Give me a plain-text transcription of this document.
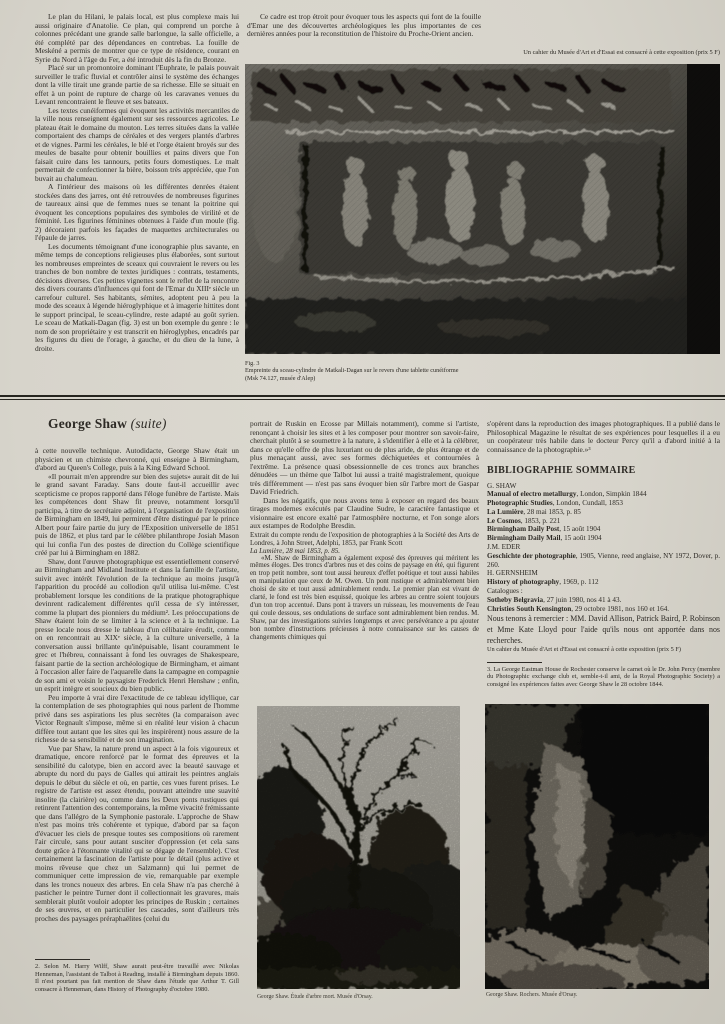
Le plan du Hilani, le palais local, est plus complexe mais lui aussi originaire d'Anatolie. Ce plan, qui comprend un porche à colonnes précédant une grande salle barlongue, la salle officielle, a été complété par des dépendances en contrebas. La fouille de Meskéné a permis de montrer que ce type de résidence, courant en Syrie du Nord à l'âge du Fer, a été introduit dès la fin du Bronze.

Placé sur un promontoire dominant l'Euphrate, le palais pouvait surveiller le trafic fluvial et contrôler ainsi le système des échanges dont la ville tirait une grande partie de sa richesse. Elle se situait en effet à un point de rupture de charge où les caravanes venues du Levant rencontraient le fleuve et ses bateaux.

Les textes cunéiformes qui évoquent les activités mercantiles de la ville nous renseignent également sur ses ressources agricoles. Le plateau était le domaine du mouton. Les terres situées dans la vallée comportaient des champs de céréales et des vergers plantés d'arbres et de vignes. Parmi les céréales, le blé et l'orge étaient broyés sur des meules de basalte pour obtenir bouillies et pains divers que l'on faisait cuire dans les tannours, petits fours domestiques. Le malt permettait de confectionner la bière, boisson très appréciée, que l'on buvait au chalumeau.

A l'intérieur des maisons où les différentes denrées étaient stockées dans des jarres, ont été retrouvées de nombreuses figurines de taureaux ainsi que de femmes nues se tenant la poitrine qui évoquent les conceptions populaires des symboles de virilité et de féminité. Les figurines féminines obtenues à l'aide d'un moule (fig. 2) décoraient parfois les façades de maquettes architecturales ou l'épaule de jarres.

Les documents témoignant d'une iconographie plus savante, en même temps de conceptions religieuses plus élaborées, sont surtout les nombreuses empreintes de sceaux qui couvraient le revers ou les tranches de bon nombre de textes juridiques : contrats, testaments, décisions diverses. Ces petites vignettes sont le reflet de la rencontre des divers courants d'influences qui font de l'Emar du XIIIᵉ siècle un carrefour culturel. Ses habitants, sémites, adoptent peu à peu la mode des sceaux à légende hiéroglyphique et à imagerie hittites dont le support principal, le sceau-cylindre, reste adapté au goût syrien. Le sceau de Matkali-Dagan (fig. 3) est un bon exemple du genre : le nom de son propriétaire y est transcrit en hiéroglyphes, encadrés par les figures du dieu de l'orage, à gauche, et du dieu de la lune, à droite.

Ce cadre est trop étroit pour évoquer tous les aspects qui font de la fouille d'Emar une des découvertes archéologiques les plus importantes de ces dernières années pour la reconstitution de l'histoire du Proche-Orient ancien.

Un cahier du Musée d'Art et d'Essai est consacré à cette exposition (prix 5 F)
Fig. 3
Empreinte du sceau-cylindre de Matkali-Dagan sur le revers d'une tablette cunéiforme
(Msk 74.127, musée d'Alep)
George Shaw (suite)

à cette nouvelle technique. Autodidacte, George Shaw était un physicien et un chimiste chevronné, qui enseigne à Birmingham, d'abord au Queen's College, puis à la King Edward School.

«Il pourrait m'en apprendre sur bien des sujets» aurait dit de lui le grand savant Faraday. Sans doute faut-il accueillir avec scepticisme ce propos rapporté dans l'éloge funèbre de l'artiste. Mais les compétences dont Shaw fit preuve, notamment lorsqu'il participa, à titre de secrétaire adjoint, à l'organisation de l'exposition de Birmingham en 1849, lui permirent d'être distingué par le prince Albert pour faire partie du jury de l'Exposition universelle de 1851 puis de 1862, et plus tard par le célèbre philanthrope Josiah Mason qui lui confia l'un des postes de direction du Collège scientifique créé par lui à Birmingham en 1882.

Shaw, dont l'œuvre photographique est essentiellement conservé au Birmingham and Midland Institute et dans la famille de l'artiste, suivit avec intérêt l'évolution de la technique au moins jusqu'à l'apparition du procédé au collodion qu'il utilisa lui-même. C'est probablement lorsque les conditions de la pratique photographique devinrent radicalement différentes qu'il cessa de s'y intéresser, comme la plupart des pionniers du médium². Les préoccupations de Shaw étaient loin de se limiter à la science et à la technique. La presse locale nous dresse le tableau d'un célibataire érudit, comme on en rencontrait au XIXᵉ siècle, à la culture universelle, à la conversation aussi brillante qu'inépuisable, lisant couramment le grec et l'hébreu, connaissant à fond les ouvrages de Shakespeare, faisant partie de la section archéologique de Birmingham, et aimant à l'occasion aller faire de l'aquarelle dans la campagne en compagnie de son ami et voisin le paysagiste Frederick Henri Henshaw ; enfin, un esprit intègre et soucieux du bien public.

Peu importe à vrai dire l'exactitude de ce tableau idyllique, car la contemplation de ses photographies qui nous parlent de l'homme privé dans ses aspirations les plus secrètes (la comparaison avec Victor Regnault s'impose, même si en réalité leur vision à chacun diffère tout autant que les sites qui les inspirèrent) nous assure de la richesse de sa sensibilité et de son imagination.

Vue par Shaw, la nature prend un aspect à la fois vigoureux et dramatique, encore renforcé par le format des épreuves et la sensibilité du calotype, bien en accord avec la beauté sauvage et abrupte du nord du pays de Galles qui attirait les peintres anglais depuis le début du siècle et où, en partie, ces vues furent prises. Le registre de l'artiste est assez étendu, pouvant atteindre une suavité insolite (la clairière) ou, comme dans les Deux ponts rustiques qui retinrent l'attention des contemporains, la même vivacité frémissante que dans l'allégro de la Symphonie pastorale. L'approche de Shaw n'est pas moins très cohérente et typique, d'abord par sa façon d'évacuer les ciels de presque toutes ses compositions où rarement l'air circule, sans pour autant susciter d'oppression (et cela sans doute grâce à l'étonnante vitalité qui se dégage de l'ensemble). C'est certainement la fascination de l'artiste pour le détail (plus active et moins rêveuse que chez un Salzmann) qui lui permet de communiquer cette impression de vie, remarquable par exemple dans les troncs noueux des arbres. En cela Shaw n'a pas cherché à pasticher le peintre Turner dont il collectionnait les gravures, mais semblerait plutôt vouloir adopter les principes de Ruskin ; certaines de ses œuvres, et en particulier les cascades, sont d'ailleurs très proches des paysages préraphaélites (celui du

2. Selon M. Harry Wilff, Shaw aurait peut-être travaillé avec Nikolas Henneman, l'assistant de Talbot à Reading, installé à Birmingham depuis 1860. Il n'est pourtant pas fait mention de Shaw dans l'étude que Arthur T. Gill consacre à Henneman, dans History of Photography d'octobre 1980.

portrait de Ruskin en Ecosse par Millais notamment), comme si l'artiste, renonçant à choisir les sites et à les composer pour montrer son savoir-faire, cherchait plutôt à se soumettre à la nature, à s'identifier à elle et à la célébrer, dans ce qu'elle offre de plus luxuriant ou de plus aride, de plus étrange et de plus menaçant aussi, avec ses formes déchiquetées et contournées à l'extrême. La présence quasi obsessionnelle de ces troncs aux branches dénudées — un thème que Talbot lui aussi a traité magistralement, quoique très différemment — n'est pas sans évoquer bien sûr l'arbre mort de Gaspar David Friedrich.

Dans les négatifs, que nous avons tenu à exposer en regard des beaux tirages modernes exécutés par Claudine Sudre, le caractère fantastique et visionnaire est encore exalté par l'atmosphère nocturne, et l'on songe alors aux estampes de Rodolphe Bresdin.

Extrait du compte rendu de l'exposition de photographies à la Société des Arts de Londres, à John Street, Adelphi, 1853, par Frank Scott

La Lumière, 28 mai 1853, p. 85.

«M. Shaw de Birmingham a également exposé des épreuves qui méritent les mêmes éloges. Des troncs d'arbres nus et des coins de paysage en été, qui figurent en trop petit nombre, sont tout aussi heureux d'effet poétique et tout aussi habiles en manipulation que ceux de M. Owen. Un pont rustique et admirablement bien choisi de site et tout aussi admirablement rendu. Le premier plan est vivant de clarté, le fond est très bien esquissé, quoique les arbres au centre soient toujours d'un ton trop accentué. Dans pont à travers un ruisseau, les mouvements de l'eau qui coule dessous, ses ondulations de surface sont admirablement bien rendus. M. Shaw, par des investigations suivies longtemps et avec persévérance a pu ajouter bon nombre d'instructions précieuses à notre connaissance sur les causes de changements chimiques qui

s'opèrent dans la reproduction des images photographiques. Il a publié dans le Philosophical Magazine le résultat de ses expériences pour lesquelles il a eu un coopérateur très habile dans le docteur Percy qu'il a d'abord initié à la connaissance de la photographie.»³

BIBLIOGRAPHIE SOMMAIRE
G. SHAW
Manual of electro metallurgy, London, Simpkin 1844
Photographic Studies, London, Cundall, 1853
La Lumière, 28 mai 1853, p. 85
Le Cosmos, 1853, p. 221
Birmingham Daily Post, 15 août 1904
Birmingham Daily Mail, 15 août 1904
J.M. EDER
Geschichte der photographie, 1905, Vienne, reed anglaise, NY 1972, Dover, p. 260.
H. GERNSHEIM
History of photography, 1969, p. 112
Catalogues :
Sotheby Belgravia, 27 juin 1980, nos 41 à 43.
Christies South Kensington, 29 octobre 1981, nos 160 et 164.

Nous tenons à remercier : MM. David Allison, Patrick Baird, P. Robinson et Mme Kate Lloyd pour l'aide qu'ils nous ont apportée dans nos recherches.

Un cahier du Musée d'Art et d'Essai est consacré à cette exposition (prix 5 F)

3. La George Eastman House de Rochester conserve le carnet où le Dr. John Percy (membre du Photographic exchange club et, semble-t-il ami, de la Royal Photographic Society) a consigné les expériences faites avec George Shaw le 28 octobre 1844.
George Shaw. Étude d'arbre mort. Musée d'Orsay.	George Shaw. Rochers. Musée d'Orsay.
